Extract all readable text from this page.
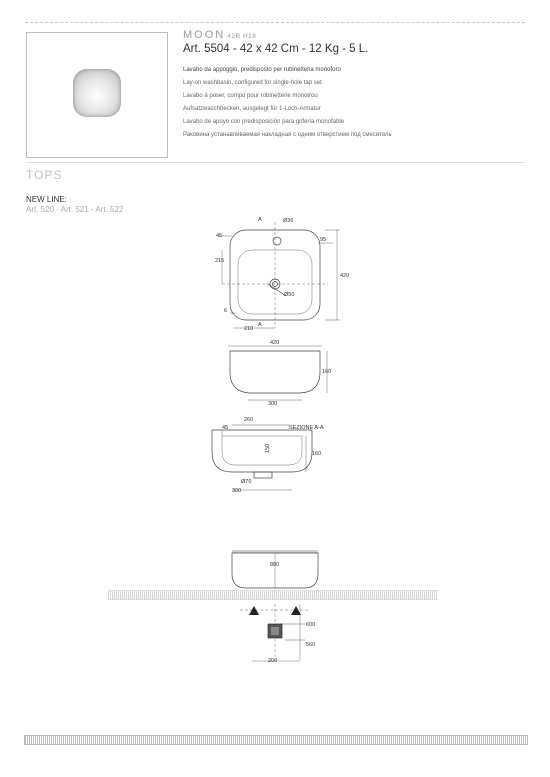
MOON 42R H18
Art. 5504 - 42 x 42 Cm - 12 Kg - 5 L.
Lavabo da appoggio, predisposto per rubinetteria monoforo
Lay-on washbasin, configured for single-hole tap set
Lavabo à poser, compo pour robinetterie monotrou
Aufsatzwaschbecken, ausgelegt für 1-Loch-Armatur
Lavabo de apoyo con predisposición para grifería monofable
Раковина устанавливаемая накладная с одним отверстием под смеситель
TOPS
NEW LINE:
Art. 520 - Art. 521 - Art. 522
A	Ø36
45
95
215
420
Ø50
6
A
210
420
160
300
260
45	SEZIONE A-A
150
160
Ø70
300
880
600
560
200
